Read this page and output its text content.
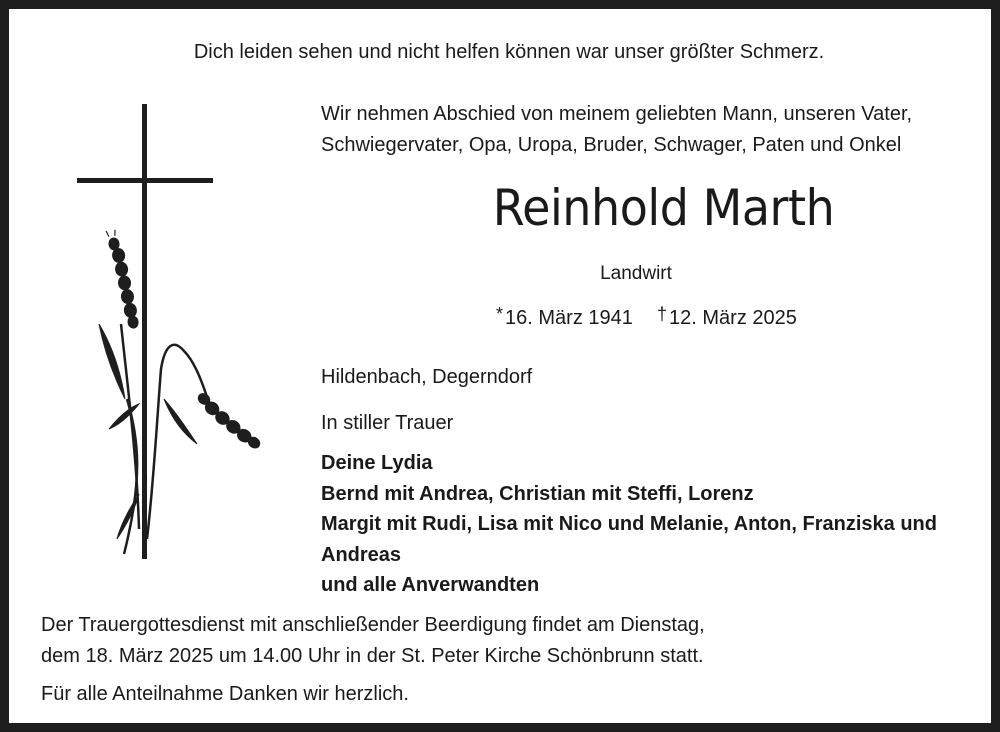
Dich leiden sehen und nicht helfen können war unser größter Schmerz.
Wir nehmen Abschied von meinem geliebten Mann, unseren Vater,
Schwiegervater, Opa, Uropa, Bruder, Schwager, Paten und Onkel
Reinhold Marth
Landwirt
* 16. März 1941 † 12. März 2025
Hildenbach, Degerndorf
In stiller Trauer
Deine Lydia
Bernd mit Andrea, Christian mit Steffi, Lorenz
Margit mit Rudi, Lisa mit Nico und Melanie, Anton, Franziska und
Andreas
und alle Anverwandten
Der Trauergottesdienst mit anschließender Beerdigung findet am Dienstag,
dem 18. März 2025 um 14.00 Uhr in der St. Peter Kirche Schönbrunn statt.
Für alle Anteilnahme Danken wir herzlich.
